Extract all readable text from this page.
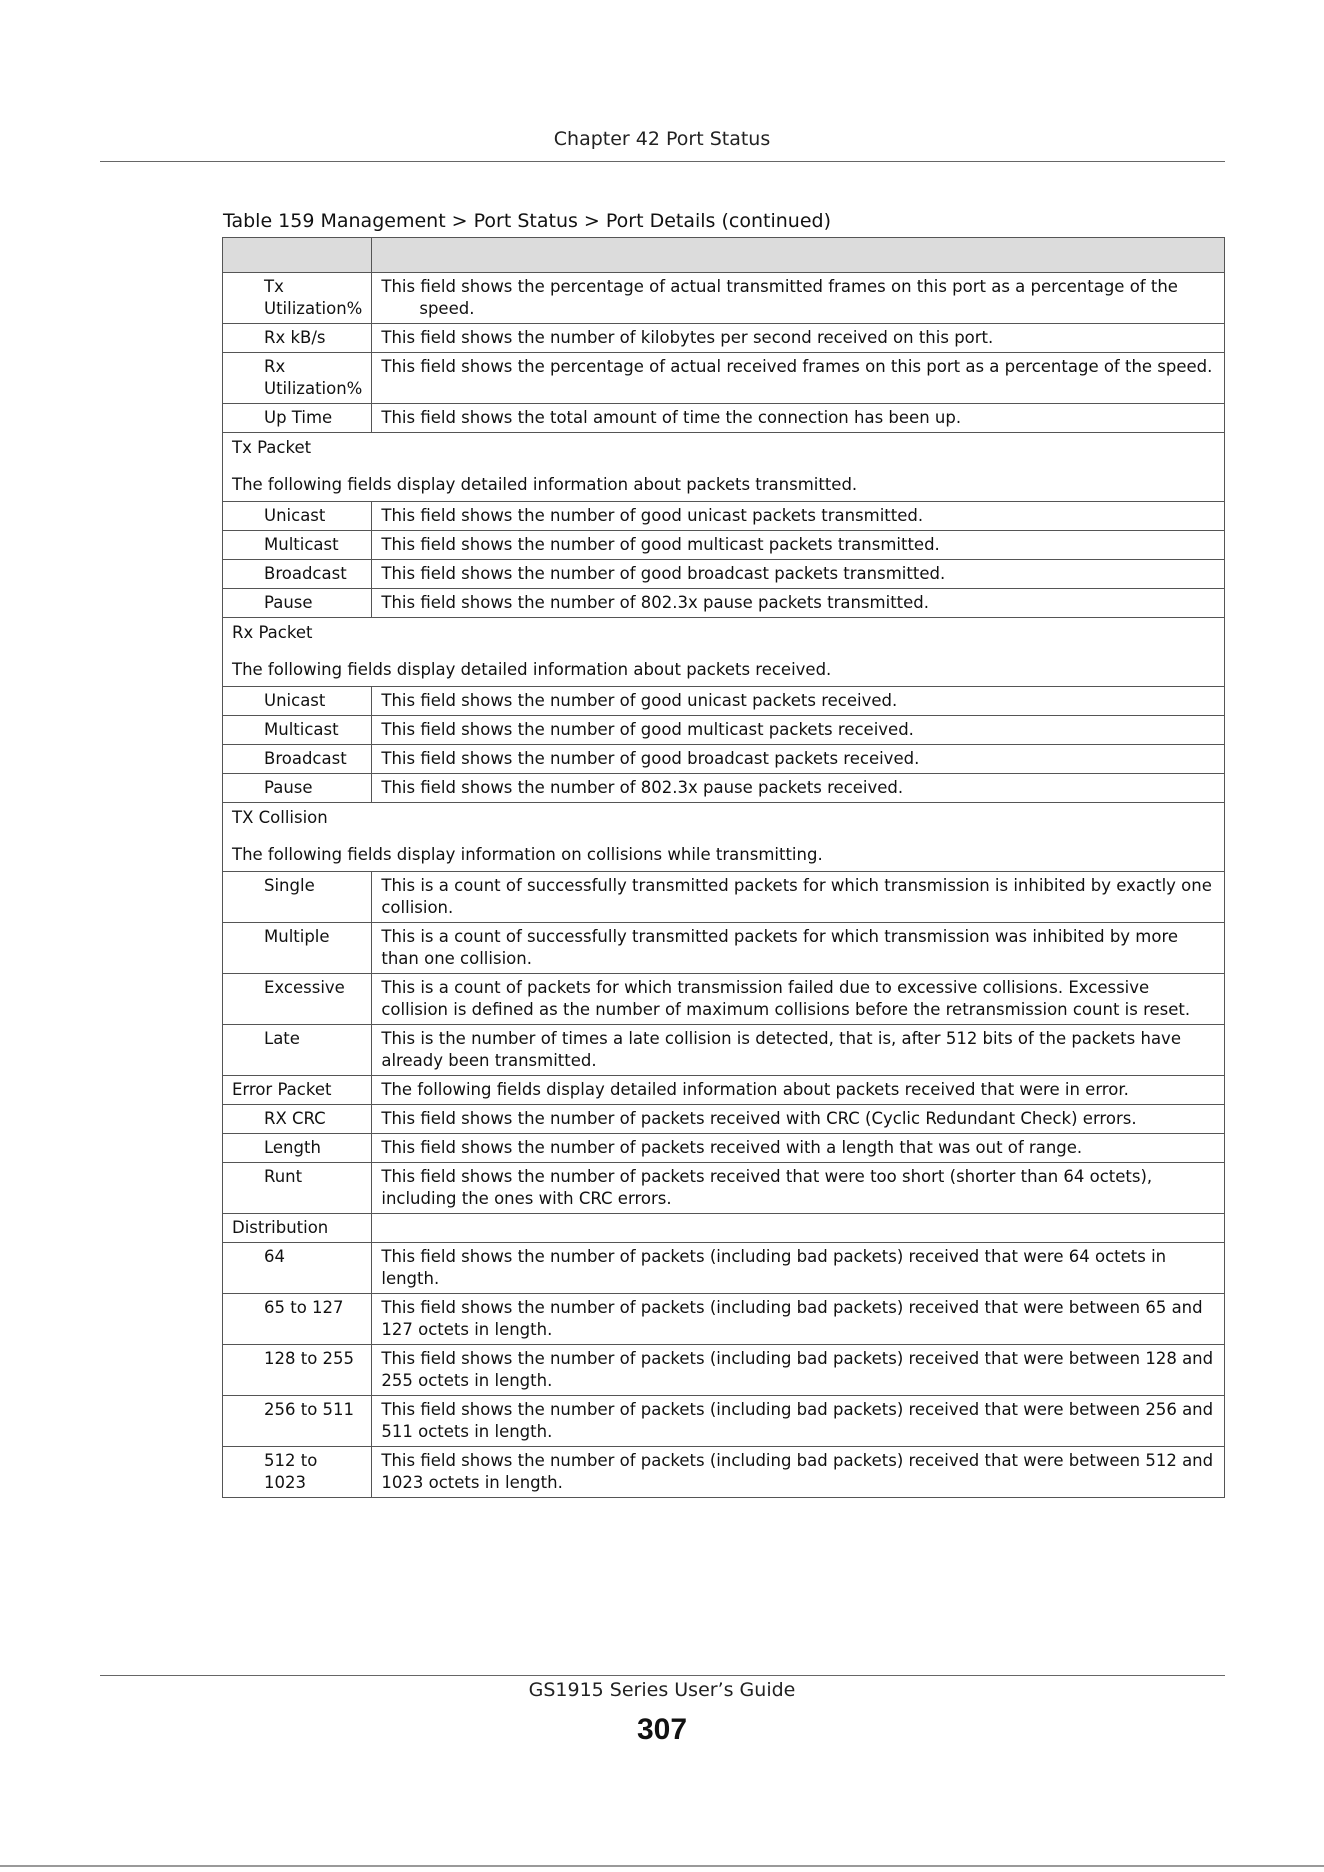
Chapter 42 Port Status
Table 159 Management > Port Status > Port Details (continued)

Tx
Utilization%	This field shows the percentage of actual transmitted frames on this port as a percentage of the
speed.
Rx kB/s	This field shows the number of kilobytes per second received on this port.
Rx
Utilization%	This field shows the percentage of actual received frames on this port as a percentage of the speed.
Up Time	This field shows the total amount of time the connection has been up.
Tx Packet
The following fields display detailed information about packets transmitted.	

Unicast	This field shows the number of good unicast packets transmitted.
Multicast	This field shows the number of good multicast packets transmitted.
Broadcast	This field shows the number of good broadcast packets transmitted.
Pause	This field shows the number of 802.3x pause packets transmitted.
Rx Packet
The following fields display detailed information about packets received.	

Unicast	This field shows the number of good unicast packets received.
Multicast	This field shows the number of good multicast packets received.
Broadcast	This field shows the number of good broadcast packets received.
Pause	This field shows the number of 802.3x pause packets received.
TX Collision
The following fields display information on collisions while transmitting.	

Single	This is a count of successfully transmitted packets for which transmission is inhibited by exactly one collision.
Multiple	This is a count of successfully transmitted packets for which transmission was inhibited by more than one collision.
Excessive	This is a count of packets for which transmission failed due to excessive collisions. Excessive collision is defined as the number of maximum collisions before the retransmission count is reset.
Late	This is the number of times a late collision is detected, that is, after 512 bits of the packets have already been transmitted.
Error Packet	The following fields display detailed information about packets received that were in error.
RX CRC	This field shows the number of packets received with CRC (Cyclic Redundant Check) errors.
Length	This field shows the number of packets received with a length that was out of range.
Runt	This field shows the number of packets received that were too short (shorter than 64 octets), including the ones with CRC errors.
Distribution	
64	This field shows the number of packets (including bad packets) received that were 64 octets in length.
65 to 127	This field shows the number of packets (including bad packets) received that were between 65 and 127 octets in length.
128 to 255	This field shows the number of packets (including bad packets) received that were between 128 and 255 octets in length.
256 to 511	This field shows the number of packets (including bad packets) received that were between 256 and 511 octets in length.
512 to
1023	This field shows the number of packets (including bad packets) received that were between 512 and 1023 octets in length.
GS1915 Series User’s Guide
307
